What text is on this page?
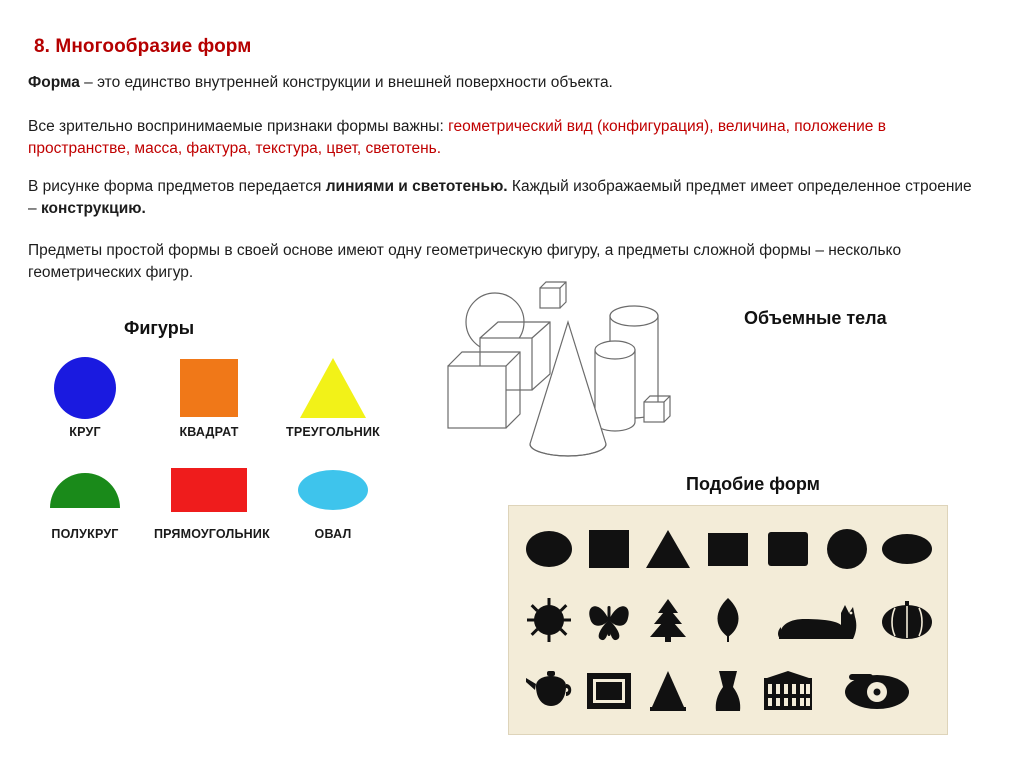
8. Многообразие форм
Форма – это единство внутренней конструкции и внешней поверхности объекта.
Все зрительно воспринимаемые признаки формы важны: геометрический вид (конфигурация), величина, положение в пространстве, масса, фактура, текстура, цвет, светотень.
В рисунке форма предметов передается линиями и светотенью. Каждый изображаемый предмет имеет определенное строение – конструкцию.
Предметы простой формы в своей основе имеют одну геометрическую фигуру, а предметы сложной формы – несколько геометрических фигур.
Фигуры	Объемные тела
Подобие форм
КРУГ	КВАДРАТ	ТРЕУГОЛЬНИК
ПОЛУКРУГ	ПРЯМОУГОЛЬНИК	ОВАЛ
